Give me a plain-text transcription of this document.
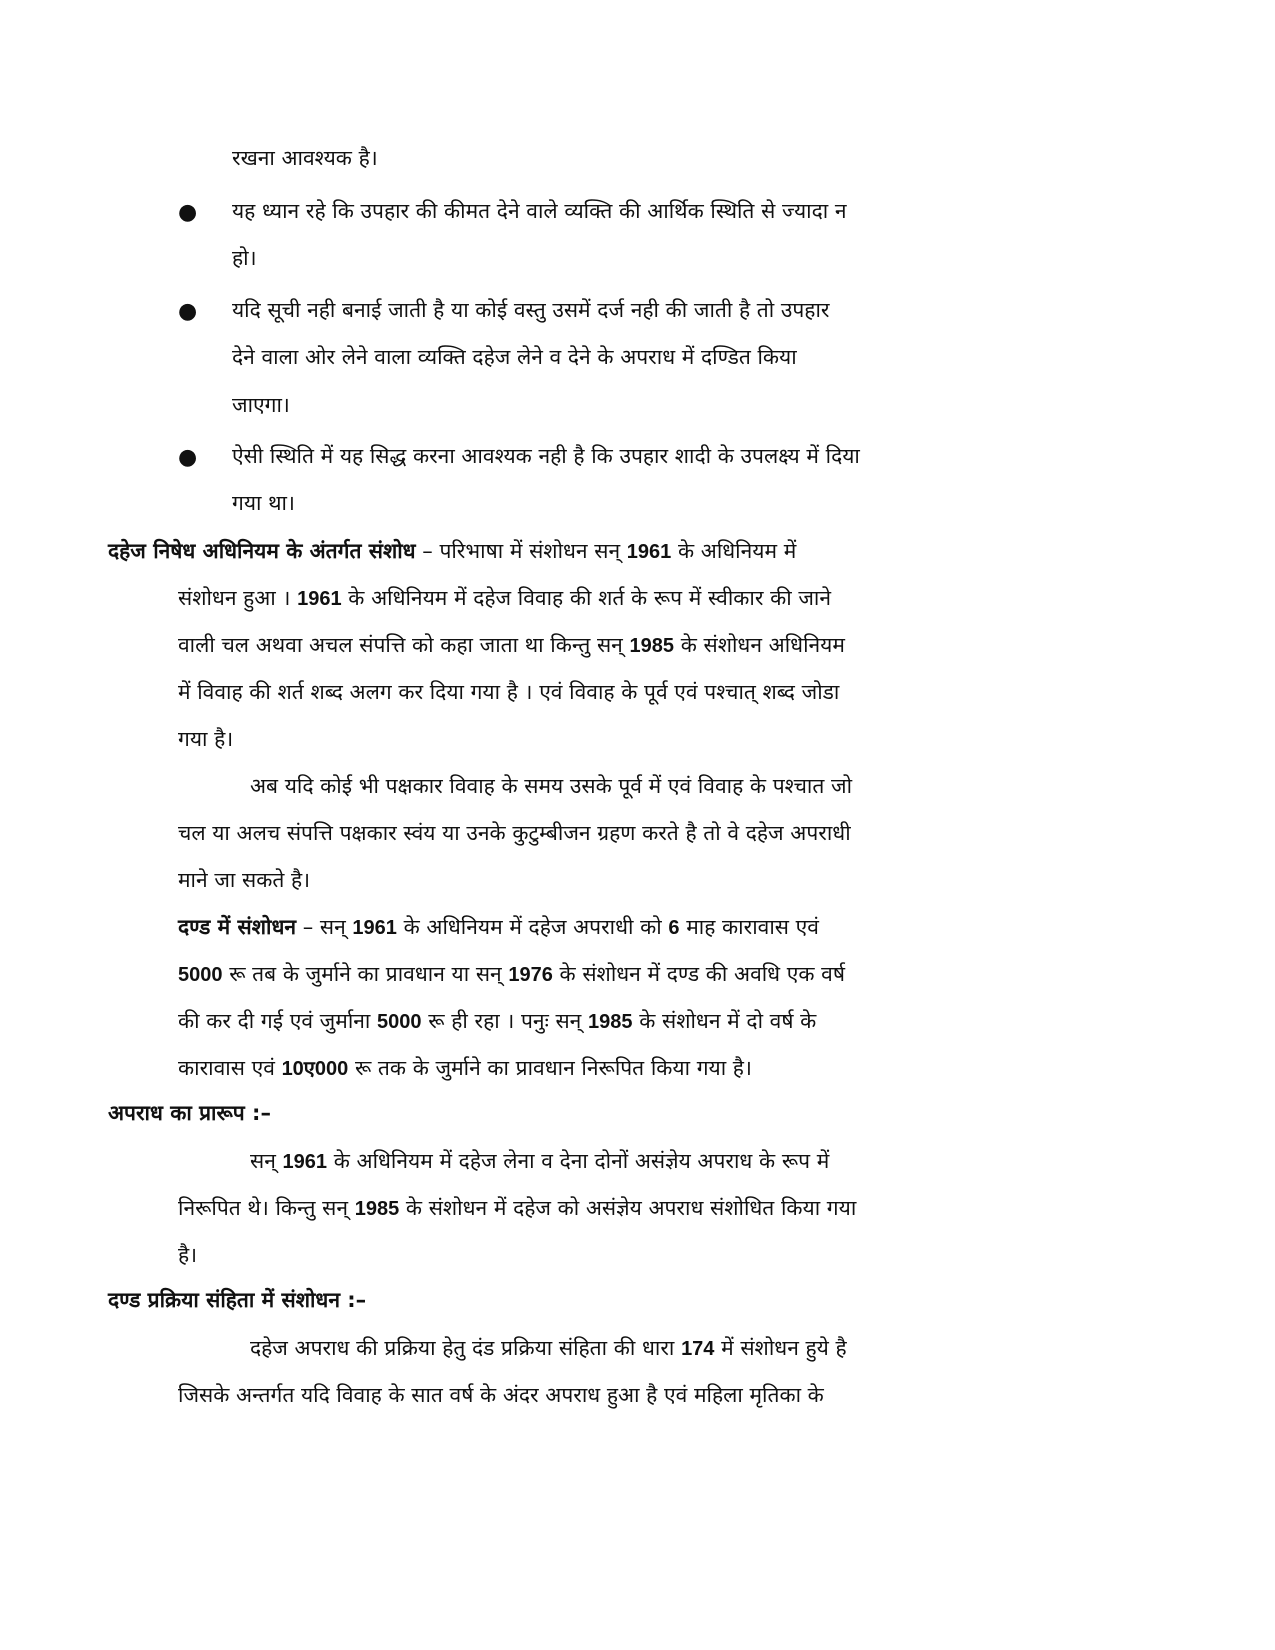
रखना आवश्यक है।
● यह ध्यान रहे कि उपहार की कीमत देने वाले व्यक्ति की आर्थिक स्थिति से ज्यादा न
हो।
● यदि सूची नही बनाई जाती है या कोई वस्तु उसमें दर्ज नही की जाती है तो उपहार
देने वाला ओर लेने वाला व्यक्ति दहेज लेने व देने के अपराध में दण्डित किया
जाएगा।
● ऐसी स्थिति में यह सिद्ध करना आवश्यक नही है कि उपहार शादी के उपलक्ष्य में दिया
गया था।
दहेज निषेध अधिनियम के अंतर्गत संशोध – परिभाषा में संशोधन सन् 1961 के अधिनियम में
संशोधन हुआ । 1961 के अधिनियम में दहेज विवाह की शर्त के रूप में स्वीकार की जाने
वाली चल अथवा अचल संपत्ति को कहा जाता था किन्तु सन् 1985 के संशोधन अधिनियम
में विवाह की शर्त शब्द अलग कर दिया गया है । एवं विवाह के पूर्व एवं पश्चात् शब्द जोडा
गया है।
अब यदि कोई भी पक्षकार विवाह के समय उसके पूर्व में एवं विवाह के पश्चात जो
चल या अलच संपत्ति पक्षकार स्वंय या उनके कुटुम्बीजन ग्रहण करते है तो वे दहेज अपराधी
माने जा सकते है।
दण्ड में संशोधन – सन् 1961 के अधिनियम में दहेज अपराधी को 6 माह कारावास एवं
5000 रू तब के जुर्माने का प्रावधान या सन् 1976 के संशोधन में दण्ड की अवधि एक वर्ष
की कर दी गई एवं जुर्माना 5000 रू ही रहा । पनुः सन् 1985 के संशोधन में दो वर्ष के
कारावास एवं 10ए000 रू तक के जुर्माने का प्रावधान निरूपित किया गया है।
अपराध का प्रारूप :–
सन् 1961 के अधिनियम में दहेज लेना व देना दोनों असंज्ञेय अपराध के रूप में
निरूपित थे। किन्तु सन् 1985 के संशोधन में दहेज को असंज्ञेय अपराध संशोधित किया गया
है।
दण्ड प्रक्रिया संहिता में संशोधन :–
दहेज अपराध की प्रक्रिया हेतु दंड प्रक्रिया संहिता की धारा 174 में संशोधन हुये है
जिसके अन्तर्गत यदि विवाह के सात वर्ष के अंदर अपराध हुआ है एवं महिला मृतिका के
